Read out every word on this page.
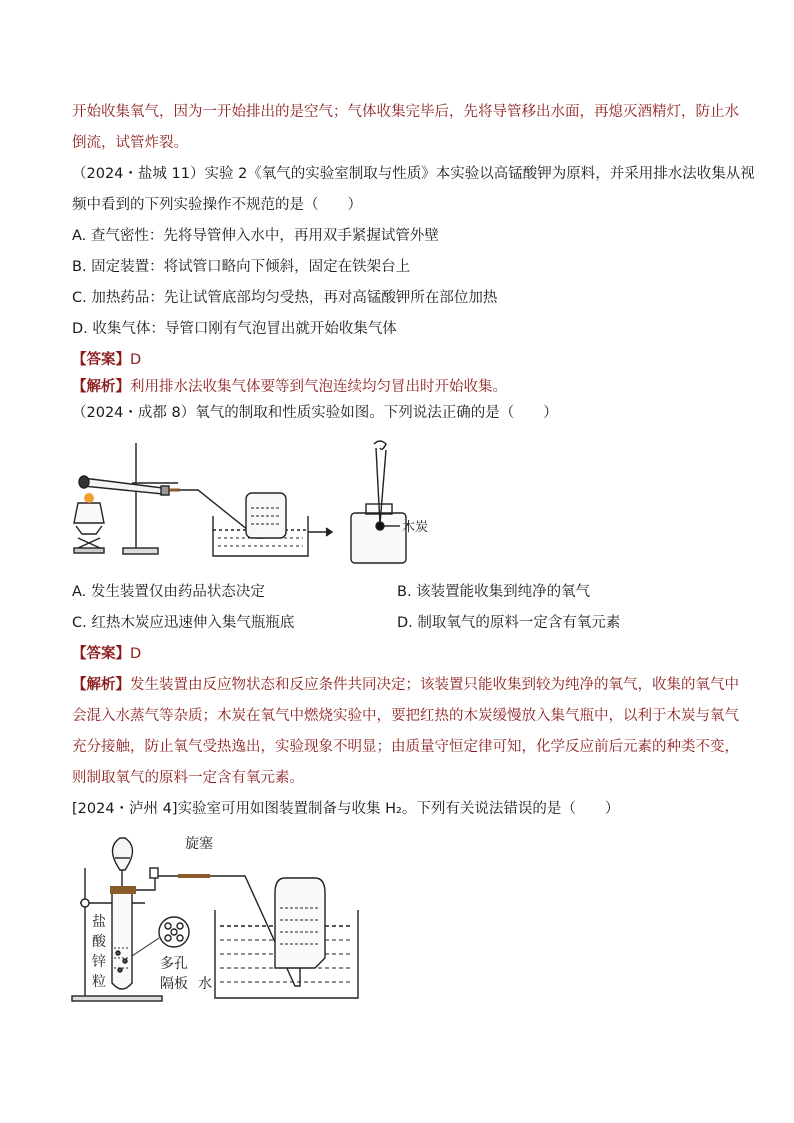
开始收集氧气，因为一开始排出的是空气；气体收集完毕后，先将导管移出水面，再熄灭酒精灯，防止水
倒流，试管炸裂。
（2024・盐城 11）实验 2《氧气的实验室制取与性质》本实验以高锰酸钾为原料，并采用排水法收集从视
频中看到的下列实验操作不规范的是（　　）
A. 查气密性：先将导管伸入水中，再用双手紧握试管外壁
B. 固定装置：将试管口略向下倾斜，固定在铁架台上
C. 加热药品：先让试管底部均匀受热，再对高锰酸钾所在部位加热
D. 收集气体：导管口刚有气泡冒出就开始收集气体
【答案】D
【解析】利用排水法收集气体要等到气泡连续均匀冒出时开始收集。
（2024・成都 8）氧气的制取和性质实验如图。下列说法正确的是（　　）
木炭
A. 发生装置仅由药品状态决定	B. 该装置能收集到纯净的氧气
C. 红热木炭应迅速伸入集气瓶瓶底	D. 制取氧气的原料一定含有氧元素
【答案】D
【解析】发生装置由反应物状态和反应条件共同决定；该装置只能收集到较为纯净的氧气，收集的氧气中
会混入水蒸气等杂质；木炭在氧气中燃烧实验中，要把红热的木炭缓慢放入集气瓶中，以利于木炭与氧气
充分接触，防止氧气受热逸出，实验现象不明显；由质量守恒定律可知，化学反应前后元素的种类不变，
则制取氧气的原料一定含有氧元素。
[2024・泸州 4]实验室可用如图装置制备与收集 H₂。下列有关说法错误的是（　　）
旋塞
盐
酸
锌
粒
多孔
隔板 水
